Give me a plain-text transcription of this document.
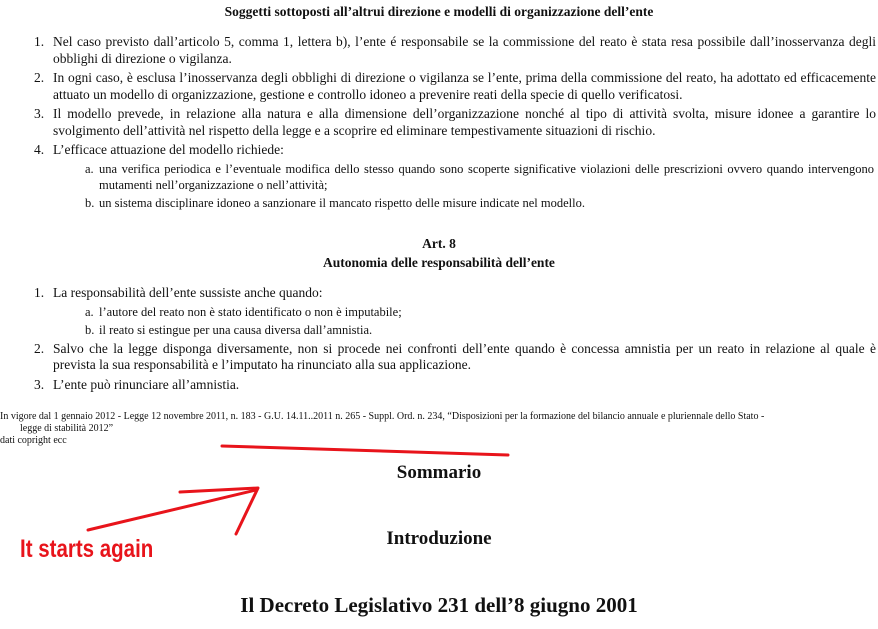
Soggetti sottoposti all’altrui direzione e modelli di organizzazione dell’ente
1. Nel caso previsto dall’articolo 5, comma 1, lettera b), l’ente é responsabile se la commissione del reato è stata resa possibile dall’inosservanza degli obblighi di direzione o vigilanza.
2. In ogni caso, è esclusa l’inosservanza degli obblighi di direzione o vigilanza se l’ente, prima della commissione del reato, ha adottato ed efficacemente attuato un modello di organizzazione, gestione e controllo idoneo a prevenire reati della specie di quello verificatosi.
3. Il modello prevede, in relazione alla natura e alla dimensione dell’organizzazione nonché al tipo di attività svolta, misure idonee a garantire lo svolgimento dell’attività nel rispetto della legge e a scoprire ed eliminare tempestivamente situazioni di rischio.
4. L’efficace attuazione del modello richiede:
a. una verifica periodica e l’eventuale modifica dello stesso quando sono scoperte significative violazioni delle prescrizioni ovvero quando intervengono mutamenti nell’organizzazione o nell’attività;
b. un sistema disciplinare idoneo a sanzionare il mancato rispetto delle misure indicate nel modello.
Art. 8
Autonomia delle responsabilità dell’ente
1. La responsabilità dell’ente sussiste anche quando:
a. l’autore del reato non è stato identificato o non è imputabile;
b. il reato si estingue per una causa diversa dall’amnistia.
2. Salvo che la legge disponga diversamente, non si procede nei confronti dell’ente quando è concessa amnistia per un reato in relazione al quale è prevista la sua responsabilità e l’imputato ha rinunciato alla sua applicazione.
3. L’ente può rinunciare all’amnistia.
In vigore dal 1 gennaio 2012 - Legge 12 novembre 2011, n. 183 - G.U. 14.11..2011 n. 265 - Suppl. Ord. n. 234, “Disposizioni per la formazione del bilancio annuale e pluriennale dello Stato -
legge di stabilità 2012”
dati copright ecc
Sommario
Introduzione
Il Decreto Legislativo 231 dell’8 giugno 2001
It starts again
